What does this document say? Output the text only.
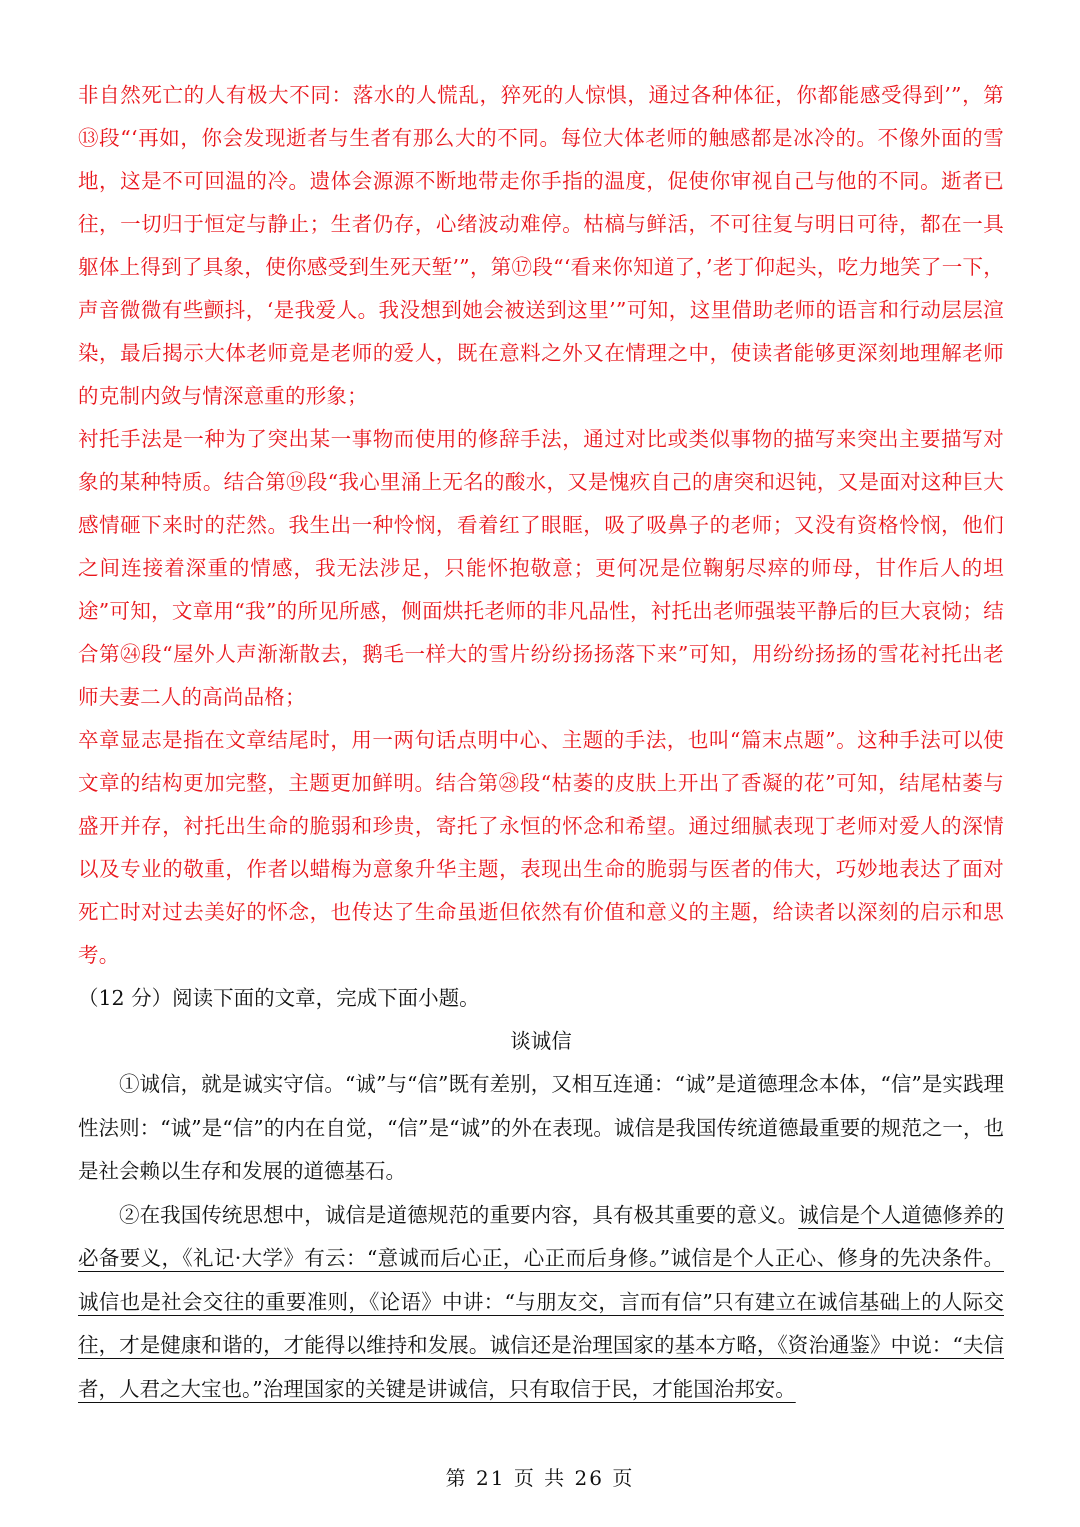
非自然死亡的人有极大不同：落水的人慌乱，猝死的人惊惧，通过各种体征，你都能感受得到’”，第⑬段“‘再如，你会发现逝者与生者有那么大的不同。每位大体老师的触感都是冰冷的。不像外面的雪地，这是不可回温的冷。遗体会源源不断地带走你手指的温度，促使你审视自己与他的不同。逝者已往，一切归于恒定与静止；生者仍存，心绪波动难停。枯槁与鲜活，不可往复与明日可待，都在一具躯体上得到了具象，使你感受到生死天堑’”，第⑰段“‘看来你知道了，’老丁仰起头，吃力地笑了一下，声音微微有些颤抖，‘是我爱人。我没想到她会被送到这里’”可知，这里借助老师的语言和行动层层渲染，最后揭示大体老师竟是老师的爱人，既在意料之外又在情理之中，使读者能够更深刻地理解老师的克制内敛与情深意重的形象；

衬托手法是一种为了突出某一事物而使用的修辞手法，通过对比或类似事物的描写来突出主要描写对象的某种特质。结合第⑲段“我心里涌上无名的酸水，又是愧疚自己的唐突和迟钝，又是面对这种巨大感情砸下来时的茫然。我生出一种怜悯，看着红了眼眶，吸了吸鼻子的老师；又没有资格怜悯，他们之间连接着深重的情感，我无法涉足，只能怀抱敬意；更何况是位鞠躬尽瘁的师母，甘作后人的坦途”可知，文章用“我”的所见所感，侧面烘托老师的非凡品性，衬托出老师强装平静后的巨大哀恸；结合第㉔段“屋外人声渐渐散去，鹅毛一样大的雪片纷纷扬扬落下来”可知，用纷纷扬扬的雪花衬托出老师夫妻二人的高尚品格；

卒章显志是指在文章结尾时，用一两句话点明中心、主题的手法，也叫“篇末点题”。这种手法可以使文章的结构更加完整，主题更加鲜明。结合第㉘段“枯萎的皮肤上开出了香凝的花”可知，结尾枯萎与盛开并存，衬托出生命的脆弱和珍贵，寄托了永恒的怀念和希望。通过细腻表现丁老师对爱人的深情以及专业的敬重，作者以蜡梅为意象升华主题，表现出生命的脆弱与医者的伟大，巧妙地表达了面对死亡时对过去美好的怀念，也传达了生命虽逝但依然有价值和意义的主题，给读者以深刻的启示和思考。

（12 分）阅读下面的文章，完成下面小题。

谈诚信

①诚信，就是诚实守信。“诚”与“信”既有差别，又相互连通：“诚”是道德理念本体，“信”是实践理性法则：“诚”是“信”的内在自觉，“信”是“诚”的外在表现。诚信是我国传统道德最重要的规范之一，也是社会赖以生存和发展的道德基石。

②在我国传统思想中，诚信是道德规范的重要内容，具有极其重要的意义。诚信是个人道德修养的必备要义，《礼记·大学》有云：“意诚而后心正，心正而后身修。”诚信是个人正心、修身的先决条件。诚信也是社会交往的重要准则，《论语》中讲：“与朋友交，言而有信”只有建立在诚信基础上的人际交往，才是健康和谐的，才能得以维持和发展。诚信还是治理国家的基本方略，《资治通鉴》中说：“夫信者，人君之大宝也。”治理国家的关键是讲诚信，只有取信于民，才能国治邦安。

第 21 页 共 26 页
